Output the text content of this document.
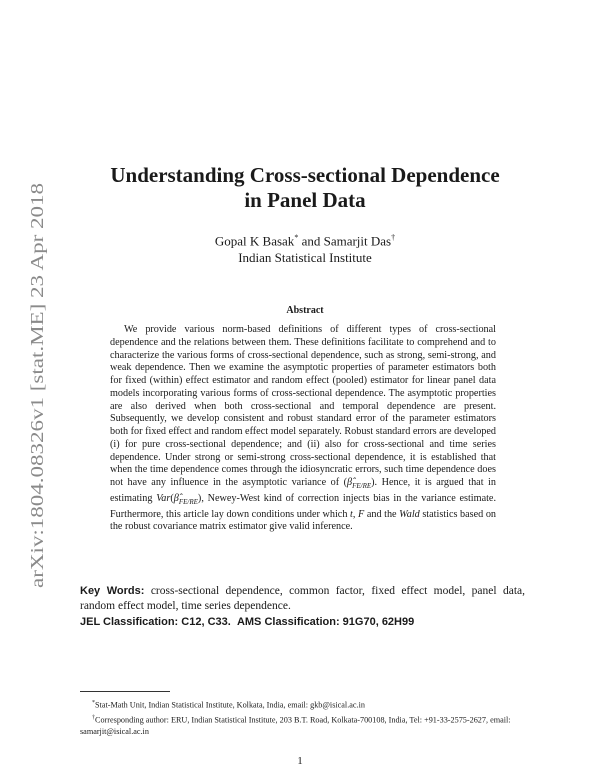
arXiv:1804.08326v1 [stat.ME] 23 Apr 2018
Understanding Cross-sectional Dependence
in Panel Data
Gopal K Basak* and Samarjit Das†
Indian Statistical Institute
Abstract

We provide various norm-based definitions of different types of cross-sectional dependence and the relations between them. These definitions facilitate to comprehend and to characterize the various forms of cross-sectional dependence, such as strong, semi-strong, and weak dependence. Then we examine the asymptotic properties of parameter estimators both for fixed (within) effect estimator and random effect (pooled) estimator for linear panel data models incorporating various forms of cross-sectional dependence. The asymptotic properties are also derived when both cross-sectional and temporal dependence are present. Subsequently, we develop consistent and robust standard error of the parameter estimators both for fixed effect and random effect model separately. Robust standard errors are developed (i) for pure cross-sectional dependence; and (ii) also for cross-sectional and time series dependence. Under strong or semi-strong cross-sectional dependence, it is established that when the time dependence comes through the idiosyncratic errors, such time dependence does not have any influence in the asymptotic variance of $(\betâ_{FE/RE})$. Hence, it is argued that in estimating $Var(\betâ_{FE/RE})$, Newey-West kind of correction injects bias in the variance estimate. Furthermore, this article lay down conditions under which t, F and the Wald statistics based on the robust covariance matrix estimator give valid inference.

Key Words: cross-sectional dependence, common factor, fixed effect model, panel data, random effect model, time series dependence.
JEL Classification: C12, C33. AMS Classification: 91G70, 62H99
*Stat-Math Unit, Indian Statistical Institute, Kolkata, India, email: gkb@isical.ac.in
†Corresponding author: ERU, Indian Statistical Institute, 203 B.T. Road, Kolkata-700108, India, Tel: +91-33-2575-2627, email: samarjit@isical.ac.in
1
